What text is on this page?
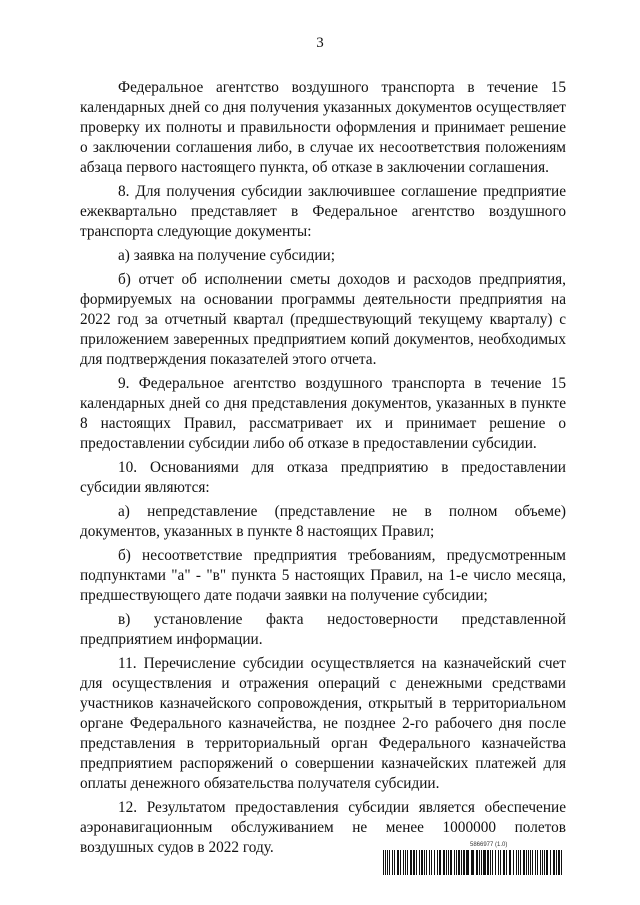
3

Федеральное агентство воздушного транспорта в течение 15 календарных дней со дня получения указанных документов осуществляет проверку их полноты и правильности оформления и принимает решение о заключении соглашения либо, в случае их несоответствия положениям абзаца первого настоящего пункта, об отказе в заключении соглашения.

8. Для получения субсидии заключившее соглашение предприятие ежеквартально представляет в Федеральное агентство воздушного транспорта следующие документы:

а) заявка на получение субсидии;

б) отчет об исполнении сметы доходов и расходов предприятия, формируемых на основании программы деятельности предприятия на 2022 год за отчетный квартал (предшествующий текущему кварталу) с приложением заверенных предприятием копий документов, необходимых для подтверждения показателей этого отчета.

9. Федеральное агентство воздушного транспорта в течение 15 календарных дней со дня представления документов, указанных в пункте 8 настоящих Правил, рассматривает их и принимает решение о предоставлении субсидии либо об отказе в предоставлении субсидии.

10. Основаниями для отказа предприятию в предоставлении субсидии являются:

а) непредставление (представление не в полном объеме) документов, указанных в пункте 8 настоящих Правил;

б) несоответствие предприятия требованиям, предусмотренным подпунктами "а" - "в" пункта 5 настоящих Правил, на 1-е число месяца, предшествующего дате подачи заявки на получение субсидии;

в) установление факта недостоверности представленной предприятием информации.

11. Перечисление субсидии осуществляется на казначейский счет для осуществления и отражения операций с денежными средствами участников казначейского сопровождения, открытый в территориальном органе Федерального казначейства, не позднее 2-го рабочего дня после представления в территориальный орган Федерального казначейства предприятием распоряжений о совершении казначейских платежей для оплаты денежного обязательства получателя субсидии.

12. Результатом предоставления субсидии является обеспечение аэронавигационным обслуживанием не менее 1000000 полетов воздушных судов в 2022 году.	5866977 (1.0)
